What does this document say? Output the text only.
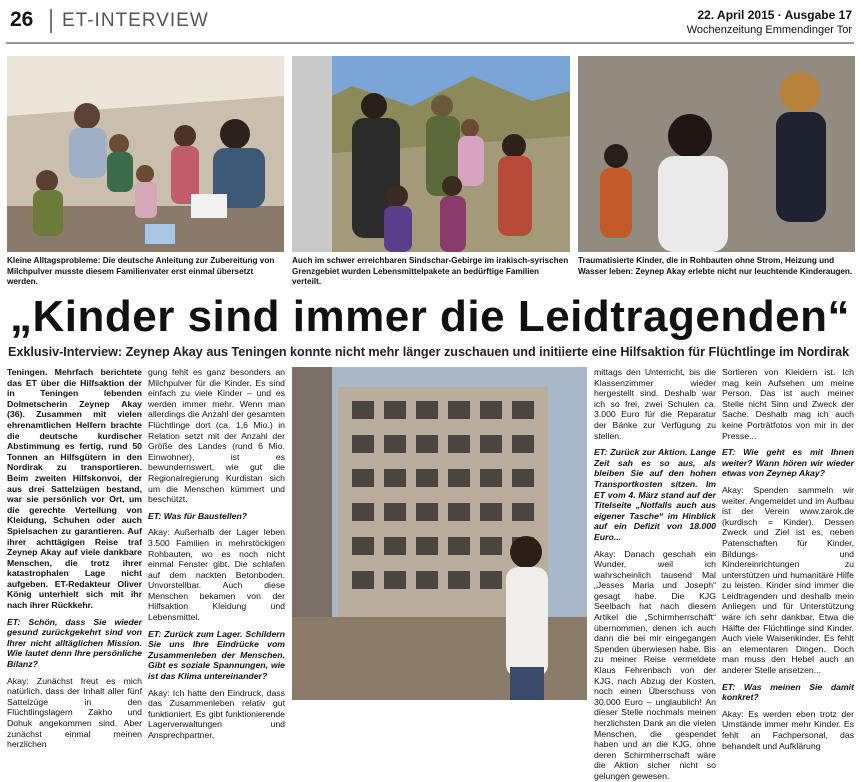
26 ET-INTERVIEW	22. April 2015 · Ausgabe 17
Wochenzeitung Emmendinger Tor
Kleine Alltagsprobleme: Die deutsche Anleitung zur Zubereitung von Milchpulver musste diesem Familienvater erst einmal übersetzt werden.
Auch im schwer erreichbaren Sindschar-Gebirge im irakisch-syrischen Grenzgebiet wurden Lebensmittelpakete an bedürftige Familien verteilt.
Traumatisierte Kinder, die in Rohbauten ohne Strom, Heizung und Wasser leben: Zeynep Akay erlebte nicht nur leuchtende Kinderaugen.
„Kinder sind immer die Leidtragenden“
Exklusiv-Interview: Zeynep Akay aus Teningen konnte nicht mehr länger zuschauen und initiierte eine Hilfsaktion für Flüchtlinge im Nordirak

Teningen. Mehrfach berichtete das ET über die Hilfsaktion der in Teningen lebenden Dolmetscherin Zeynep Akay (36). Zusammen mit vielen ehrenamtlichen Helfern brachte die deutsche kurdischer Abstimmung es fertig, rund 50 Tonnen an Hilfsgütern in den Nordirak zu transportieren. Beim zweiten Hilfskonvoi, der aus drei Sattelzügen bestand, war sie persönlich vor Ort, um die gerechte Verteilung von Kleidung, Schuhen oder auch Spielsachen zu garantieren. Auf ihrer achttägigen Reise traf Zeynep Akay auf viele dankbare Menschen, die trotz ihrer katastrophalen Lage nicht aufgeben. ET-Redakteur Oliver König unterhielt sich mit ihr nach ihrer Rückkehr.

ET: Schön, dass Sie wieder gesund zurückgekehrt sind von Ihrer nicht alltäglichen Mission. Wie lautet denn Ihre persönliche Bilanz?

Akay: Zunächst freut es mich natürlich, dass der Inhalt aller fünf Sattelzüge in den Flüchtlingslagern Zakho und Dohuk angekommen sind. Aber zunächst einmal meinen herzlichen

gung fehlt es ganz besonders an Milchpulver für die Kinder. Es sind einfach zu viele Kinder – und es werden immer mehr. Wenn man allerdings die Anzahl der gesamten Flüchtlinge dort (ca. 1,6 Mio.) in Relation setzt mit der Anzahl der Größe des Landes (rund 6 Mio. Einwohner), ist es bewundernswert, wie gut die Regionalregierung Kurdistan sich um die Menschen kümmert und beschützt.

ET: Was für Baustellen?

Akay: Außerhalb der Lager leben 3.500 Familien in mehrstöckigen Rohbauten, wo es noch nicht einmal Fenster gibt. Die schlafen auf dem nackten Betonboden. Unvorstellbar. Auch diese Menschen bekamen von der Hilfsaktion Kleidung und Lebensmittel.

ET: Zurück zum Lager. Schildern Sie uns Ihre Eindrücke vom Zusammenleben der Menschen. Gibt es soziale Spannungen, wie ist das Klima untereinander?

Akay: Ich hatte den Eindruck, dass das Zusammenleben relativ gut funktioniert. Es gibt funktionierende Lagerverwaltungen und Ansprechpartner,

mittags den Unterricht, bis die Klassenzimmer wieder hergestellt sind. Deshalb war ich so frei, zwei Schulen ca. 3.000 Euro für die Reparatur der Bänke zur Verfügung zu stellen.

ET: Zurück zur Aktion. Lange Zeit sah es so aus, als bleiben Sie auf den hohen Transportkosten sitzen. Im ET vom 4. März stand auf der Titelseite „Notfalls auch aus eigener Tasche“ im Hinblick auf ein Defizit von 18.000 Euro...

Akay: Danach geschah ein Wunder, weil ich wahrscheinlich tausend Mal „Jesses Maria und Joseph“ gesagt habe. Die KJG Seelbach hat nach diesem Artikel die „Schirmherrschaft“ übernommen, denen ich auch dann die bei mir eingegangen Spenden überwiesen habe. Bis zu meiner Reise vermeldete Klaus Fehrenbach von der KJG, nach Abzug der Kosten, noch einen Überschuss von 30.000 Euro – unglaublich! An dieser Stelle nochmals meinen herzlichsten Dank an die vielen Menschen, die gespendet haben und an die KJG, ohne deren Schirmherrschaft wäre die Aktion sicher nicht so gelungen gewesen.

Sortieren von Kleidern ist. Ich mag kein Aufsehen um meine Person. Das ist auch meiner Stelle nicht Sinn und Zweck der Sache. Deshalb mag ich auch keine Porträtfotos von mir in der Presse...

ET: Wie geht es mit Ihnen weiter? Wann hören wir wieder etwas von Zeynep Akay?

Akay: Spenden sammeln wir weiter. Angemeldet und im Aufbau ist der Verein www.zarok.de (kurdisch = Kinder). Dessen Zweck und Ziel ist es, neben Patenschaften für Kinder, Bildungs- und Kindereinrichtungen zu unterstützen und humanitäre Hilfe zu leisten. Kinder sind immer die Leidtragenden und deshalb mein Anliegen und für Unterstützung wäre ich sehr dankbar. Etwa die Hälfte der Flüchtlinge sind Kinder. Auch viele Waisenkinder. Es fehlt an elementaren Dingen. Doch man muss den Hebel auch an anderer Stelle ansetzen...

ET: Was meinen Sie damit konkret?

Akay: Es werden eben trotz der Umstände immer mehr Kinder. Es fehlt an Fachpersonal, das behandelt und Aufklärung
